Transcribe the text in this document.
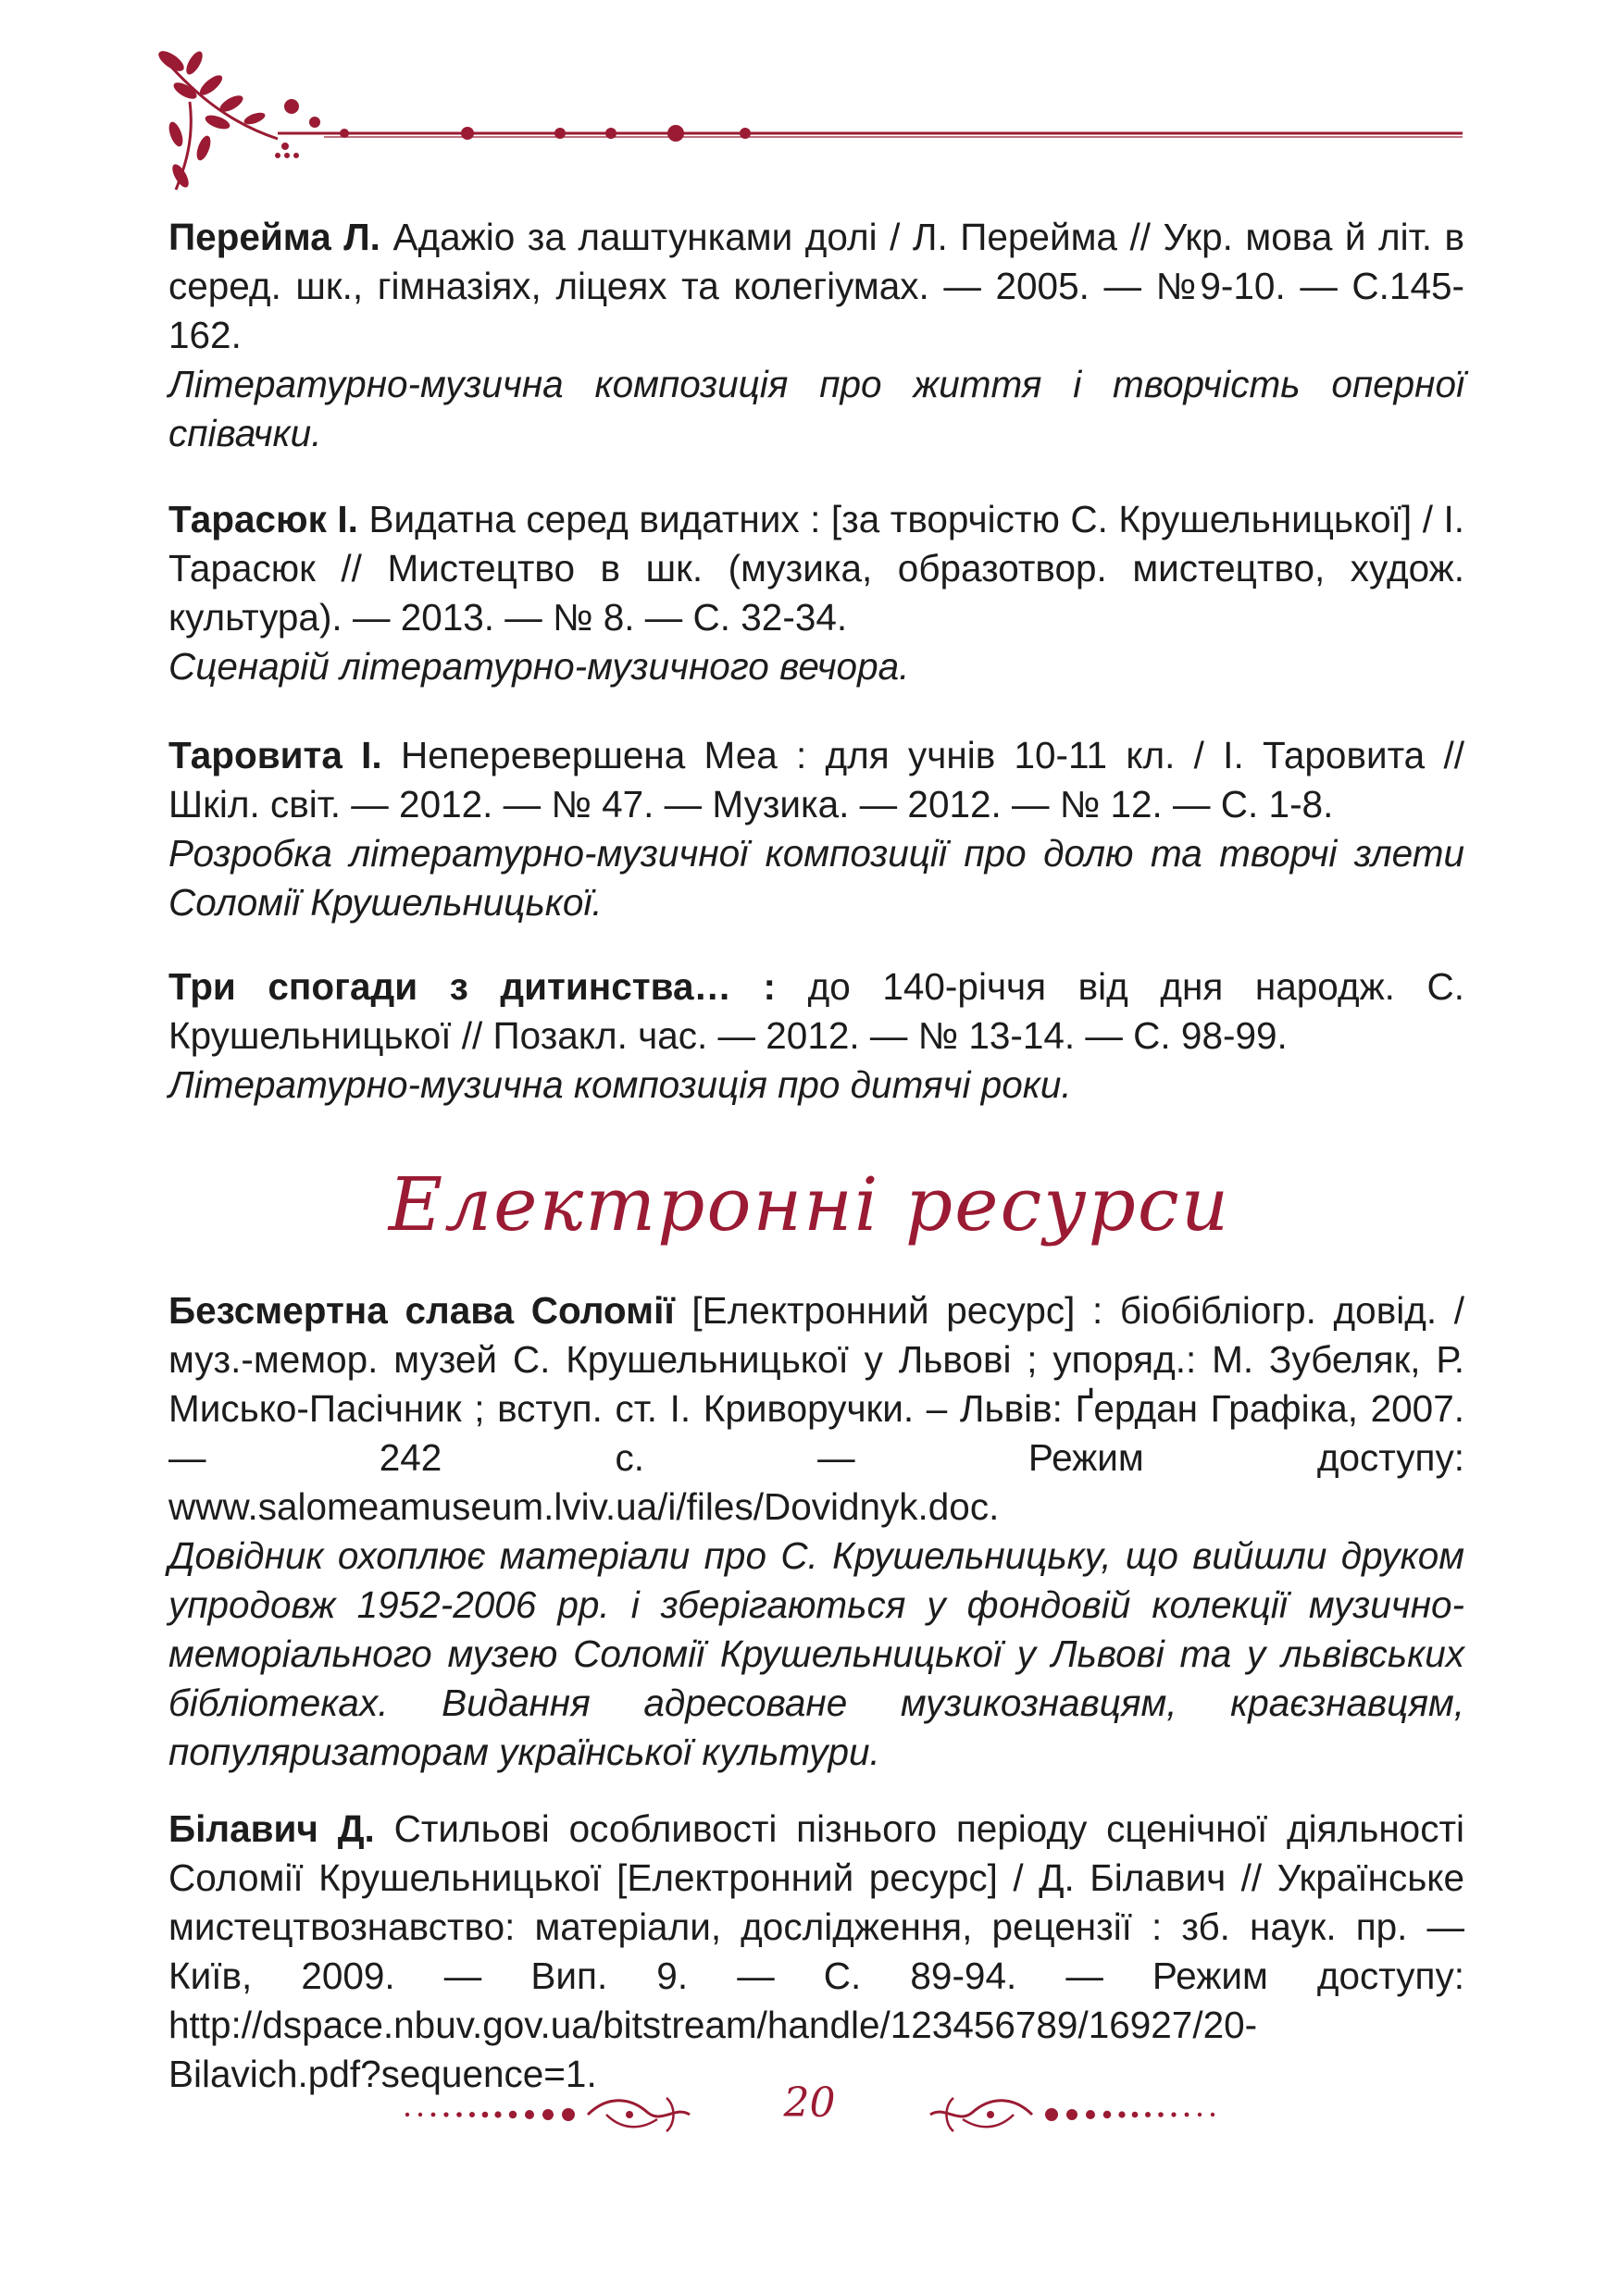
Перейма Л. Адажіо за лаштунками долі / Л. Перейма // Укр. мова й літ. в серед. шк., гімназіях, ліцеях та колегіумах. — 2005. — №9-10. — С.145-162.

Літературно-музична композиція про життя і творчість оперної співачки.

Тарасюк І. Видатна серед видатних : [за творчістю С. Крушельницької] / І. Тарасюк // Мистецтво в шк. (музика, образотвор. мистецтво, худож. культура). — 2013. — № 8. — С. 32-34.

Сценарій літературно-музичного вечора.

Таровита І. Неперевершена Меа : для учнів 10-11 кл. / І. Таровита // Шкіл. світ. — 2012. — № 47. — Музика. — 2012. — № 12. — С. 1-8.

Розробка літературно-музичної композиції про долю та творчі злети Соломії Крушельницької.

Три спогади з дитинства… : до 140-річчя від дня народж. С. Крушельницької // Позакл. час. — 2012. — № 13-14. — С. 98-99.

Літературно-музична композиція про дитячі роки.

Електронні ресурси

Безсмертна слава Соломії [Електронний ресурс] : біобібліогр. довід. / муз.-мемор. музей С. Крушельницької у Львові ; упоряд.: М. Зубеляк, Р. Мисько-Пасічник ; вступ. ст. І. Криворучки. – Львів: Ґердан Графіка, 2007. — 242 с. — Режим доступу: www.salomeamuseum.lviv.ua/i/files/Dovidnyk.doc.

Довідник охоплює матеріали про С. Крушельницьку, що вийшли друком упродовж 1952-2006 рр. і зберігаються у фондовій колекції музично-меморіального музею Соломії Крушельницької у Львові та у львівських бібліотеках. Видання адресоване музикознавцям, краєзнавцям, популяризаторам української культури.

Білавич Д. Стильові особливості пізнього періоду сценічної діяльності Соломії Крушельницької [Електронний ресурс] / Д. Білавич // Українське мистецтвознавство: матеріали, дослідження, рецензії : зб. наук. пр. — Київ, 2009. — Вип. 9. — С. 89-94. — Режим доступу: http://dspace.nbuv.gov.ua/bitstream/handle/123456789/16927/20-Bilavich.pdf?sequence=1.

20
